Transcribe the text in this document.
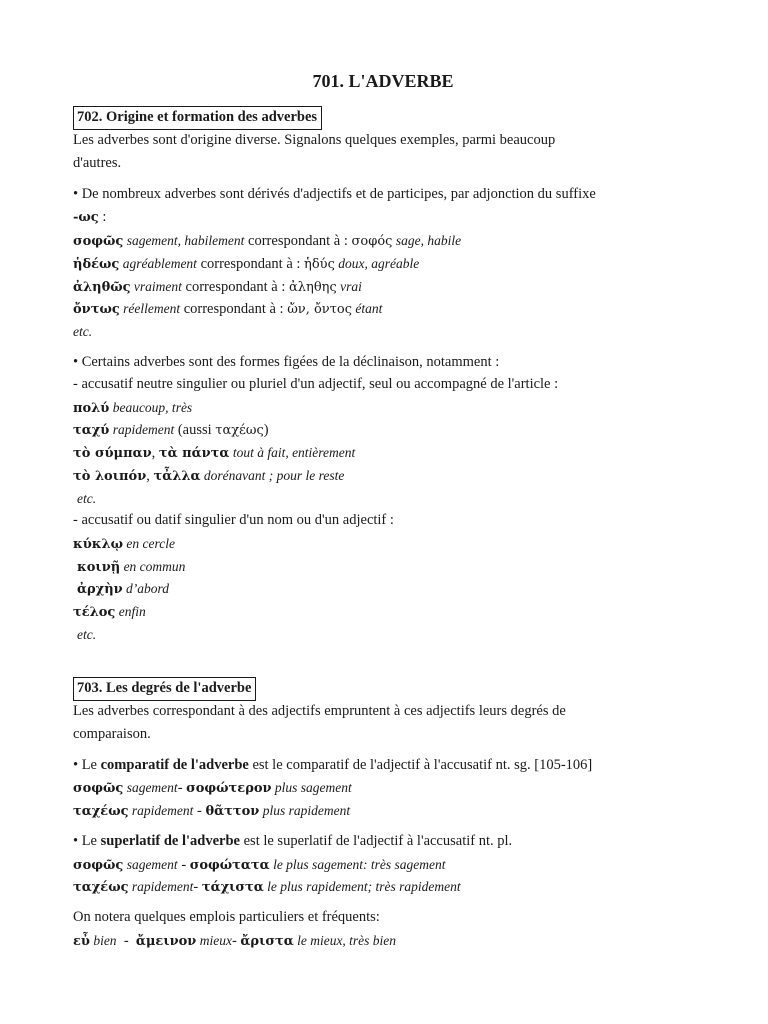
701. L'ADVERBE
702. Origine et formation des adverbes
Les adverbes sont d'origine diverse. Signalons quelques exemples, parmi beaucoup
d'autres.
• De nombreux adverbes sont dérivés d'adjectifs et de participes, par adjonction du suffixe
-ως :
σοφῶς sagement, habilement correspondant à : σοφός sage, habile
ἡδέως agréablement correspondant à : ἡδύς doux, agréable
ἀληθῶς vraiment correspondant à : ἀληθης vrai
ὄντως réellement correspondant à : ὤν, ὄντος étant
etc.
• Certains adverbes sont des formes figées de la déclinaison, notamment :
- accusatif neutre singulier ou pluriel d'un adjectif, seul ou accompagné de l'article :
πολύ beaucoup, très
ταχύ rapidement (aussi ταχέως)
τὸ σύμπαν, τὰ πάντα tout à fait, entièrement
τὸ λοιπόν, τἆλλα dorénavant ; pour le reste
etc.
- accusatif ou datif singulier d'un nom ou d'un adjectif :
κύκλῳ en cercle
κοινῇ en commun
ἀρχὴν d’abord
τέλος enfin
etc.
703. Les degrés de l'adverbe
Les adverbes correspondant à des adjectifs empruntent à ces adjectifs leurs degrés de
comparaison.
• Le comparatif de l'adverbe est le comparatif de l'adjectif à l'accusatif nt. sg. [105-106]
σοφῶς sagement- σοφώτερον plus sagement
ταχέως rapidement - θᾶττον plus rapidement
• Le superlatif de l'adverbe est le superlatif de l'adjectif à l'accusatif nt. pl.
σοφῶς sagement - σοφώτατα le plus sagement: très sagement
ταχέως rapidement- τάχιστα le plus rapidement; très rapidement
On notera quelques emplois particuliers et fréquents:
εὖ bien  -  ἄμεινον mieux- ἄριστα le mieux, très bien
